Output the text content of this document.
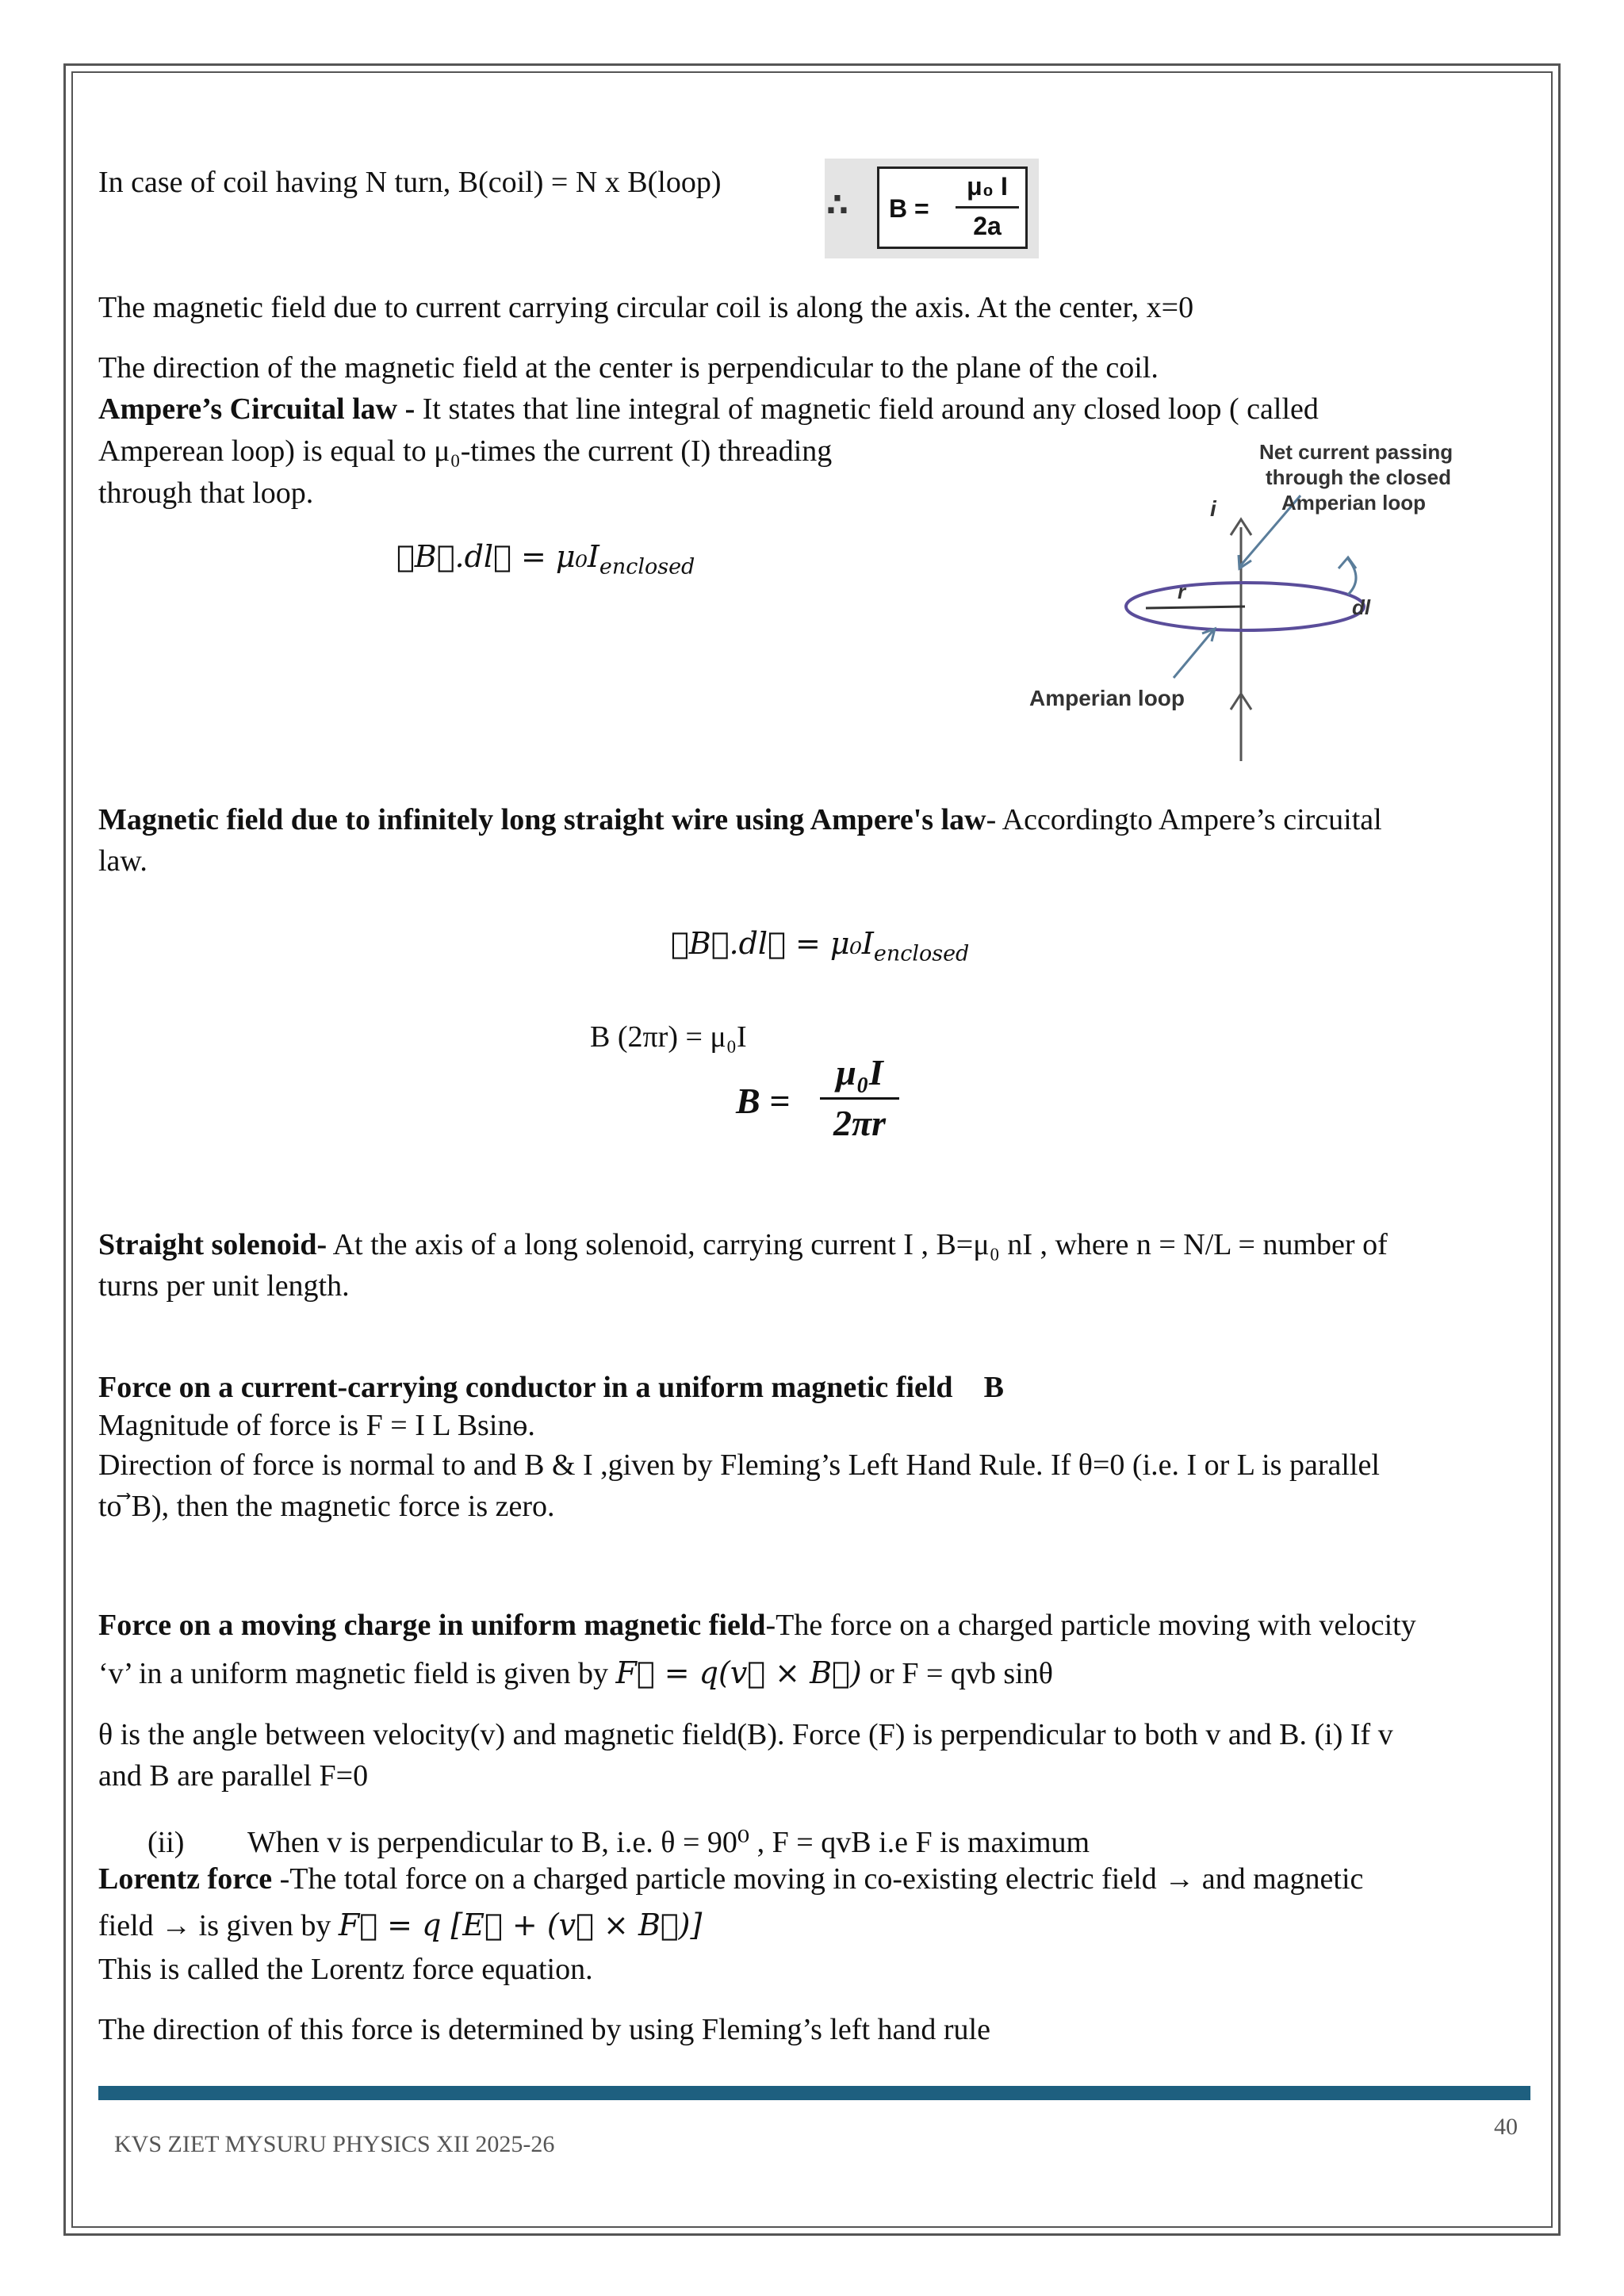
In case of coil having N turn, B(coil) = N x B(loop)
∴ B =
μ₀ I
2a
The magnetic field due to current carrying circular coil is along the axis. At the center, x=0
The direction of the magnetic field at the center is perpendicular to the plane of the coil.
Ampere’s Circuital law - It states that line integral of magnetic field around any closed loop ( called
Amperean loop) is equal to μ₀-times the current (I) threading
through that loop.
∮B⃗.dl⃗ = $\mu_0I_{enclosed}$
Net current passing
through the closed
Amperian loop
i
r
dl
Amperian loop
Magnetic field due to infinitely long straight wire using Ampere's law- Accordingto Ampere’s circuital
law.
∮B⃗.dl⃗ = $\mu_0I_{enclosed}$
B (2πr) = μ₀I
B =
μ₀I
2πr
Straight solenoid- At the axis of a long solenoid, carrying current I , B=μ₀ nI , where n = N/L = number of
turns per unit length.
Force on a current-carrying conductor in a uniform magnetic field ⃗B
Magnitude of force is F = I L Bsinɵ.
Direction of force is normal to and B & I ,given by Fleming’s Left Hand Rule. If θ=0 (i.e. I or L is parallel
to ⃗B), then the magnetic force is zero.
Force on a moving charge in uniform magnetic field-The force on a charged particle moving with velocity
‘v’ in a uniform magnetic field is given by F⃗ = q(v⃗ × B⃗) or F = qvb sinθ
θ is the angle between velocity(v) and magnetic field(B). Force (F) is perpendicular to both v and B. (i) If v
and B are parallel F=0
(ii) When v is perpendicular to B, i.e. θ = 90⁰ , F = qvB i.e F is maximum
Lorentz force -The total force on a charged particle moving in co-existing electric field → and magnetic
field → is given by F⃗ = q [E⃗ + (v⃗ × B⃗)]
This is called the Lorentz force equation.
The direction of this force is determined by using Fleming’s left hand rule
KVS ZIET MYSURU PHYSICS XII 2025-26
40
